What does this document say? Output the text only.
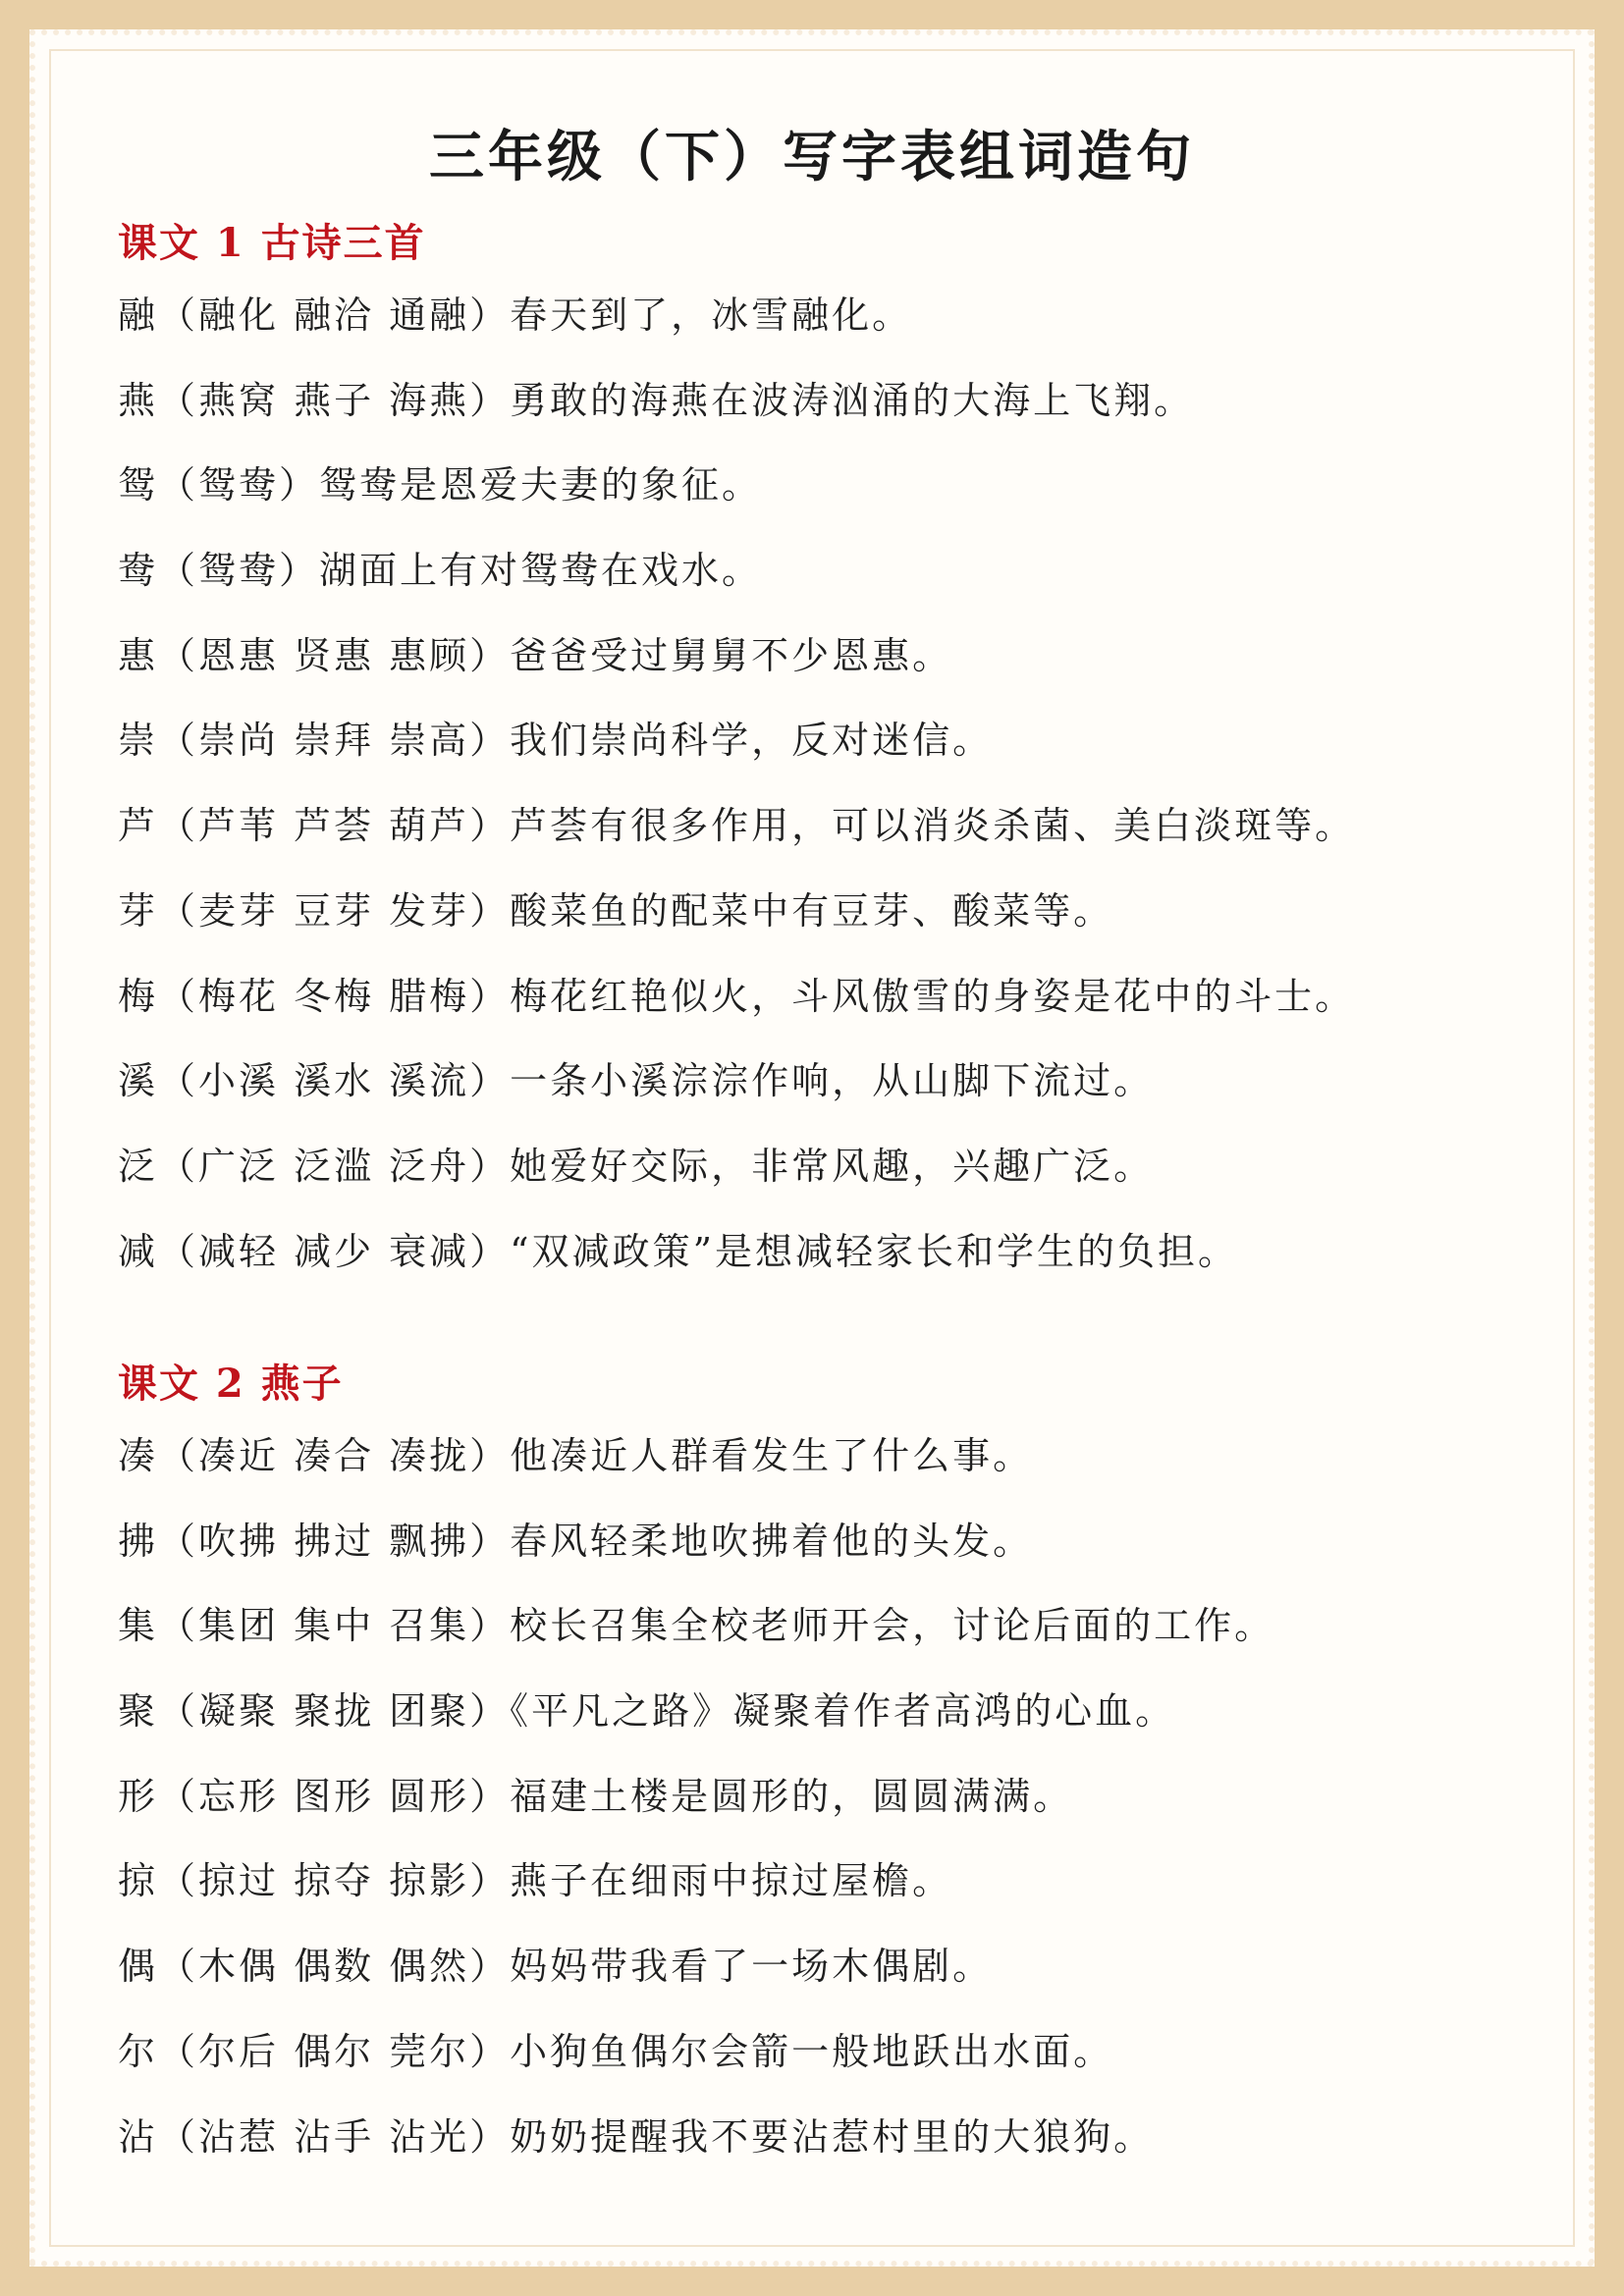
三年级（下）写字表组词造句
课文 1 古诗三首
融（融化 融洽 通融）春天到了，冰雪融化。
燕（燕窝 燕子 海燕）勇敢的海燕在波涛汹涌的大海上飞翔。
鸳（鸳鸯）鸳鸯是恩爱夫妻的象征。
鸯（鸳鸯）湖面上有对鸳鸯在戏水。
惠（恩惠 贤惠 惠顾）爸爸受过舅舅不少恩惠。
崇（崇尚 崇拜 崇高）我们崇尚科学，反对迷信。
芦（芦苇 芦荟 葫芦）芦荟有很多作用，可以消炎杀菌、美白淡斑等。
芽（麦芽 豆芽 发芽）酸菜鱼的配菜中有豆芽、酸菜等。
梅（梅花 冬梅 腊梅）梅花红艳似火，斗风傲雪的身姿是花中的斗士。
溪（小溪 溪水 溪流）一条小溪淙淙作响，从山脚下流过。
泛（广泛 泛滥 泛舟）她爱好交际，非常风趣，兴趣广泛。
减（减轻 减少 衰减）“双减政策”是想减轻家长和学生的负担。
课文 2 燕子
凑（凑近 凑合 凑拢）他凑近人群看发生了什么事。
拂（吹拂 拂过 飘拂）春风轻柔地吹拂着他的头发。
集（集团 集中 召集）校长召集全校老师开会，讨论后面的工作。
聚（凝聚 聚拢 团聚）《平凡之路》凝聚着作者高鸿的心血。
形（忘形 图形 圆形）福建土楼是圆形的，圆圆满满。
掠（掠过 掠夺 掠影）燕子在细雨中掠过屋檐。
偶（木偶 偶数 偶然）妈妈带我看了一场木偶剧。
尔（尔后 偶尔 莞尔）小狗鱼偶尔会箭一般地跃出水面。
沾（沾惹 沾手 沾光）奶奶提醒我不要沾惹村里的大狼狗。
